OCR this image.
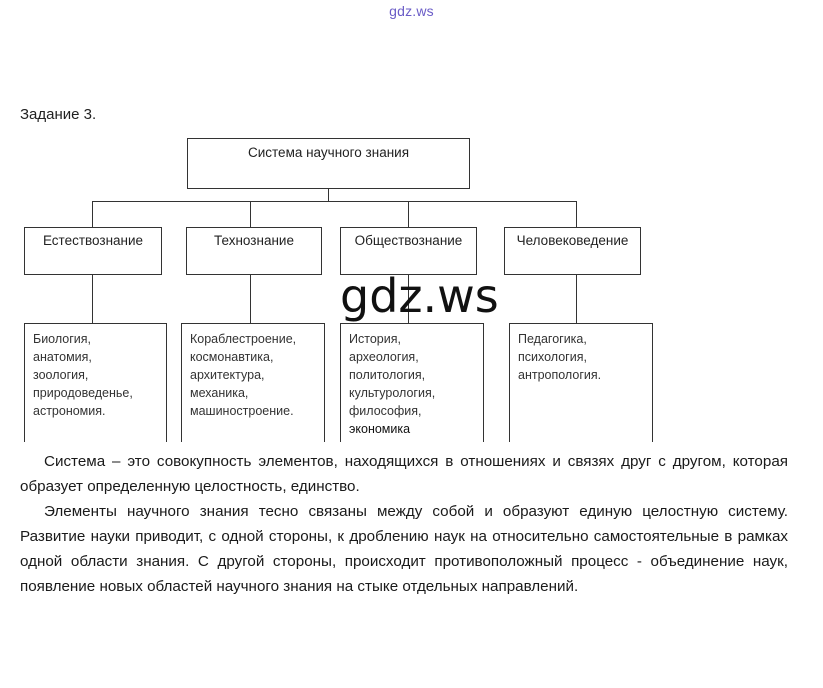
gdz.ws
Задание 3.
Система научного знания
Естествознание	Технознание	Обществознание	Человековедение
Биология,
анатомия,
зоология,
природоведенье,
астрономия.
Кораблестроение,
космонавтика,
архитектура,
механика,
машиностроение.
История,
археология,
политология,
культурология,
философия,
экономика
Педагогика,
психология,
антропология.
gdz.ws

Система – это совокупность элементов, находящихся в отношениях и связях друг с другом, которая образует определенную целостность, единство.

Элементы научного знания тесно связаны между собой и образуют единую целостную систему. Развитие науки приводит, с одной стороны, к дроблению наук на относительно самостоятельные в рамках одной области знания. С другой стороны, происходит противоположный процесс - объединение наук, появление новых областей научного знания на стыке отдельных направлений.
